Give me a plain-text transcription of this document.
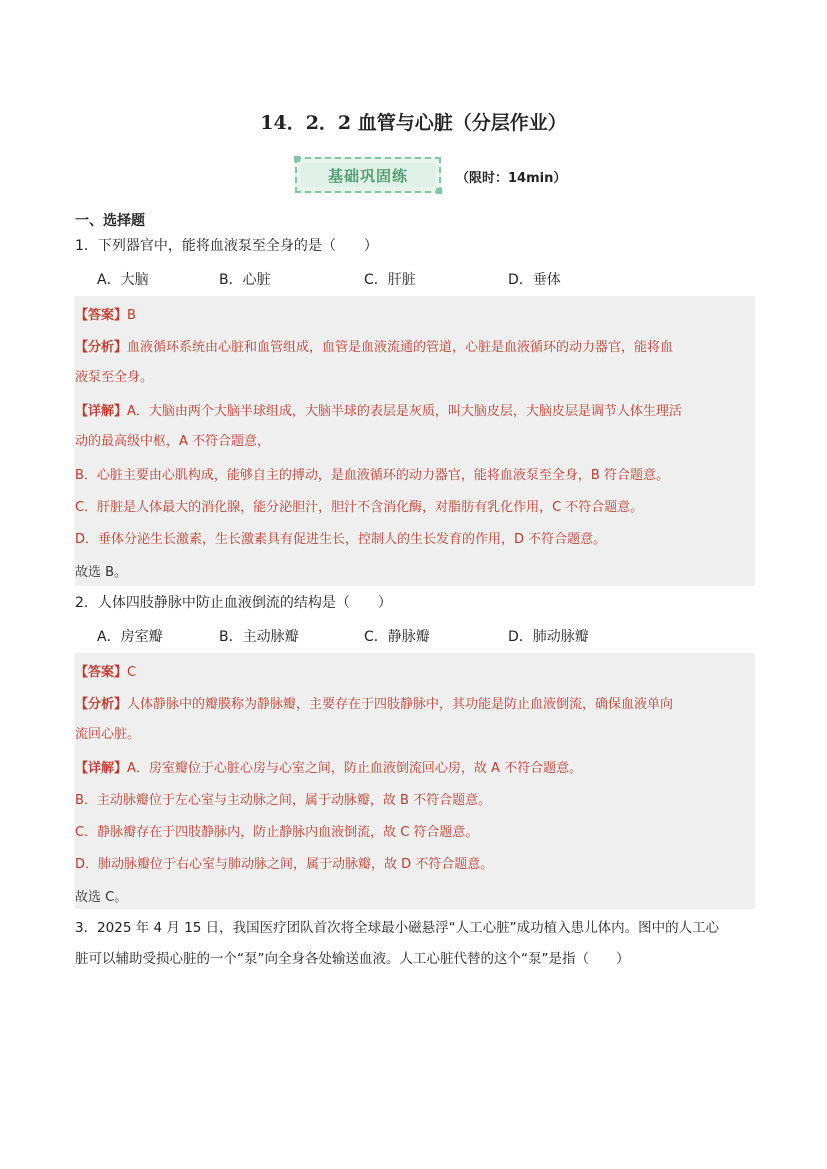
14．2．2 血管与心脏（分层作业）
基础巩固练	（限时：14min）
一、选择题
1．下列器官中，能将血液泵至全身的是（　　）
A．大脑	B．心脏	C．肝脏	D．垂体
【答案】B
【分析】血液循环系统由心脏和血管组成，血管是血液流通的管道，心脏是血液循环的动力器官，能将血
液泵至全身。
【详解】A．大脑由两个大脑半球组成，大脑半球的表层是灰质，叫大脑皮层，大脑皮层是调节人体生理活
动的最高级中枢，A 不符合题意，
B．心脏主要由心肌构成，能够自主的搏动，是血液循环的动力器官，能将血液泵至全身，B 符合题意。
C．肝脏是人体最大的消化腺，能分泌胆汁，胆汁不含消化酶，对脂肪有乳化作用，C 不符合题意。
D．垂体分泌生长激素，生长激素具有促进生长，控制人的生长发育的作用，D 不符合题意。
故选 B。
2．人体四肢静脉中防止血液倒流的结构是（　　）
A．房室瓣	B．主动脉瓣	C．静脉瓣	D．肺动脉瓣
【答案】C
【分析】人体静脉中的瓣膜称为静脉瓣，主要存在于四肢静脉中，其功能是防止血液倒流，确保血液单向
流回心脏。
【详解】A．房室瓣位于心脏心房与心室之间，防止血液倒流回心房，故 A 不符合题意。
B．主动脉瓣位于左心室与主动脉之间，属于动脉瓣，故 B 不符合题意。
C．静脉瓣存在于四肢静脉内，防止静脉内血液倒流，故 C 符合题意。
D．肺动脉瓣位于右心室与肺动脉之间，属于动脉瓣，故 D 不符合题意。
故选 C。
3．2025 年 4 月 15 日，我国医疗团队首次将全球最小磁悬浮“人工心脏”成功植入患儿体内。图中的人工心
脏可以辅助受损心脏的一个“泵”向全身各处输送血液。人工心脏代替的这个“泵”是指（　　）
